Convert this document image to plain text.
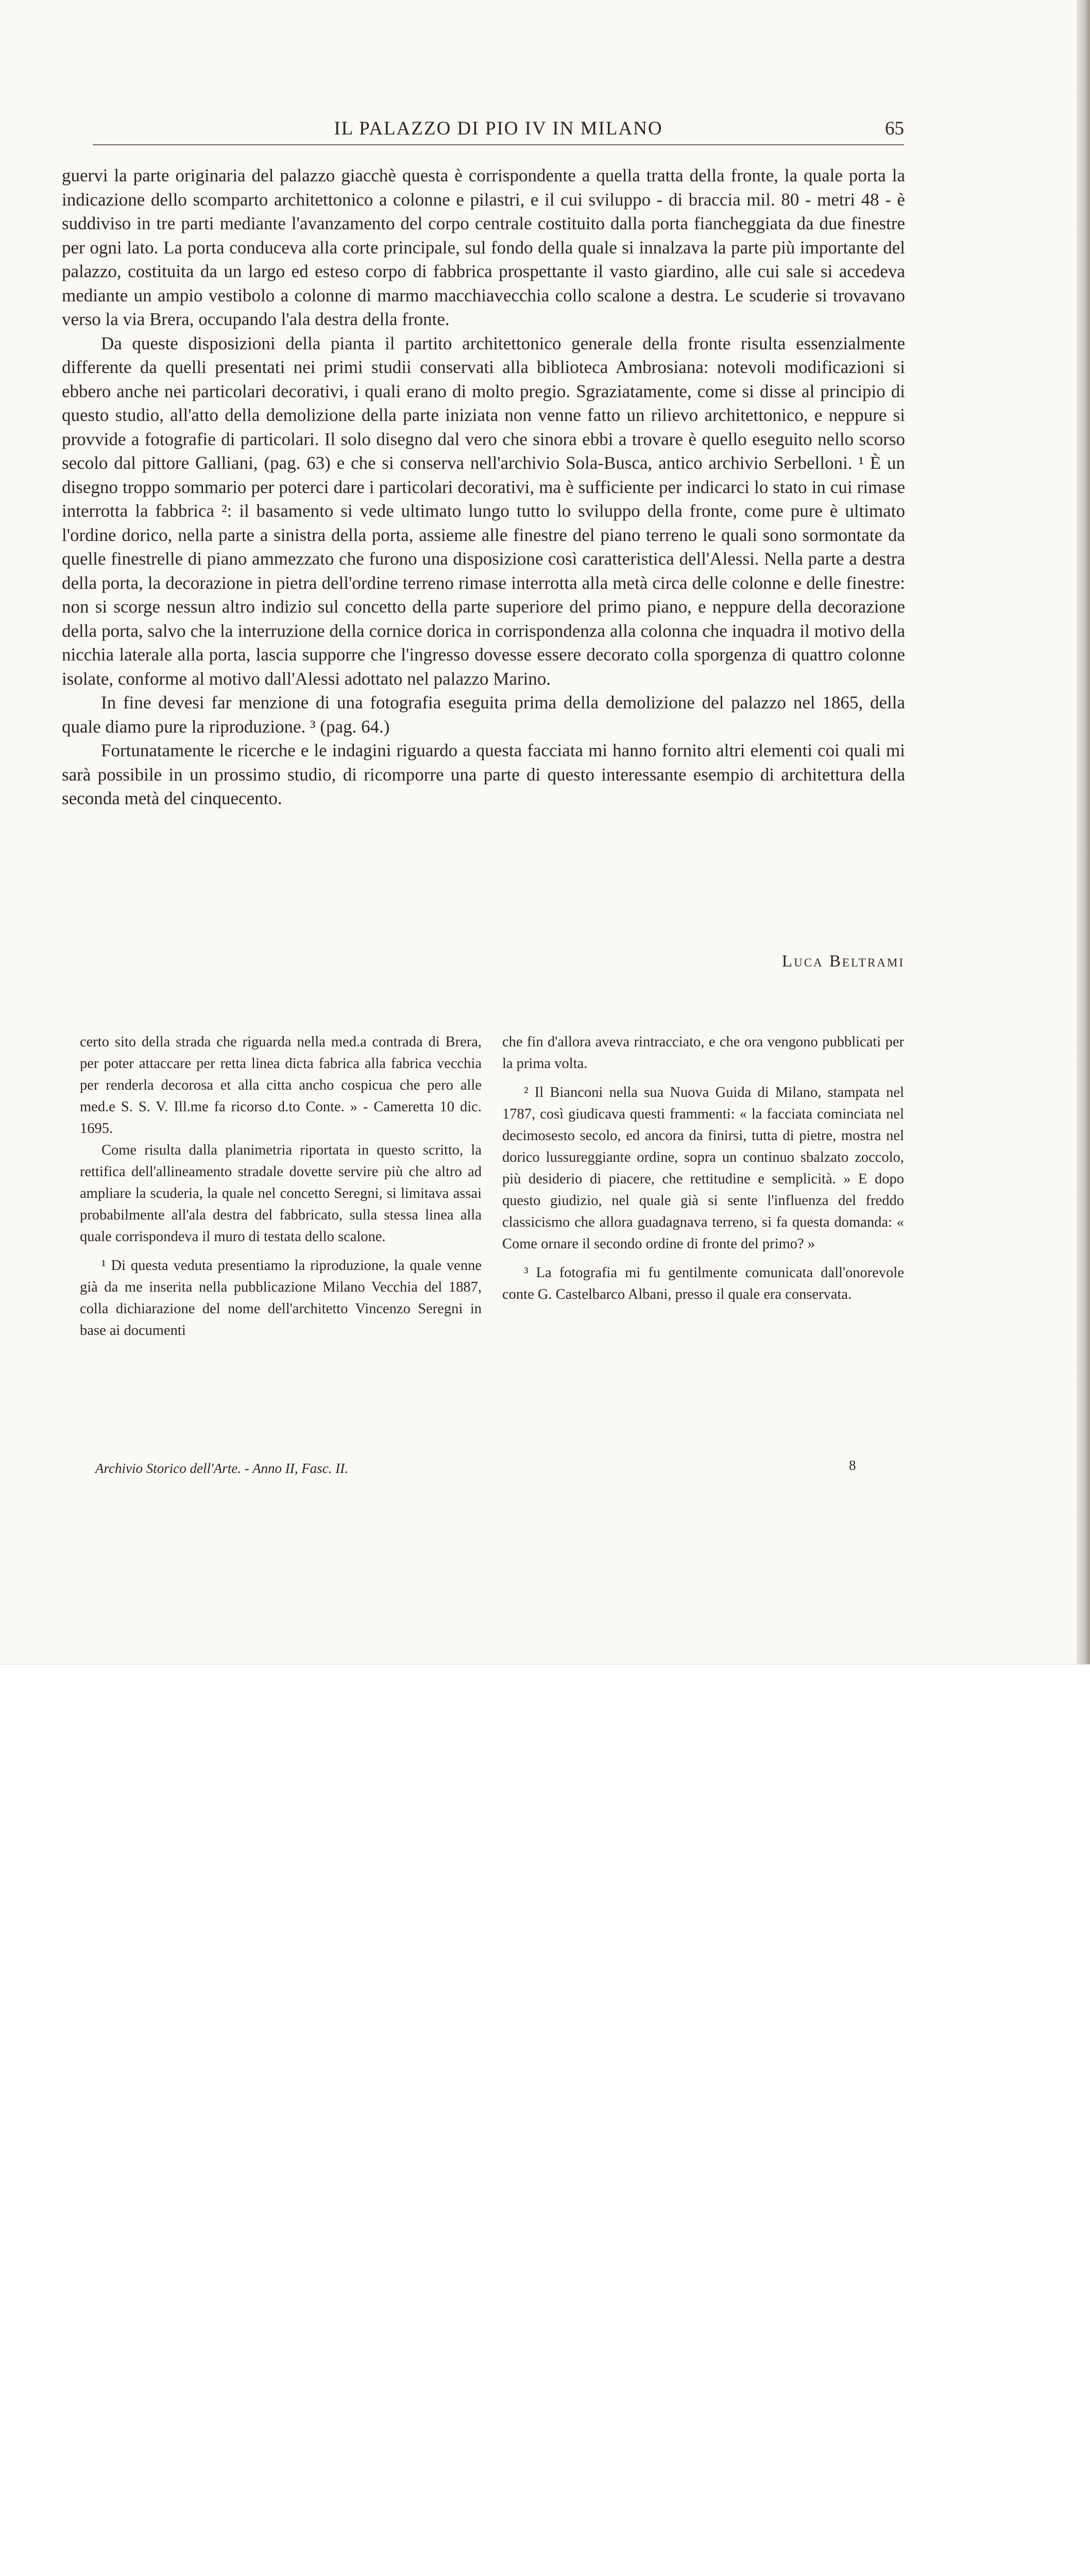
IL PALAZZO DI PIO IV IN MILANO	65

guervi la parte originaria del palazzo giacchè questa è corrispondente a quella tratta della fronte, la quale porta la indicazione dello scomparto architettonico a colonne e pilastri, e il cui sviluppo - di braccia mil. 80 - metri 48 - è suddiviso in tre parti mediante l'avanzamento del corpo centrale costituito dalla porta fiancheggiata da due finestre per ogni lato. La porta conduceva alla corte principale, sul fondo della quale si innalzava la parte più importante del palazzo, costituita da un largo ed esteso corpo di fabbrica prospettante il vasto giardino, alle cui sale si accedeva mediante un ampio vestibolo a colonne di marmo macchiavecchia collo scalone a destra. Le scuderie si trovavano verso la via Brera, occupando l'ala destra della fronte.

Da queste disposizioni della pianta il partito architettonico generale della fronte risulta essenzialmente differente da quelli presentati nei primi studii conservati alla biblioteca Ambrosiana: notevoli modificazioni si ebbero anche nei particolari decorativi, i quali erano di molto pregio. Sgraziatamente, come si disse al principio di questo studio, all'atto della demolizione della parte iniziata non venne fatto un rilievo architettonico, e neppure si provvide a fotografie di particolari. Il solo disegno dal vero che sinora ebbi a trovare è quello eseguito nello scorso secolo dal pittore Galliani, (pag. 63) e che si conserva nell'archivio Sola-Busca, antico archivio Serbelloni. ¹ È un disegno troppo sommario per poterci dare i particolari decorativi, ma è sufficiente per indicarci lo stato in cui rimase interrotta la fabbrica ²: il basamento si vede ultimato lungo tutto lo sviluppo della fronte, come pure è ultimato l'ordine dorico, nella parte a sinistra della porta, assieme alle finestre del piano terreno le quali sono sormontate da quelle finestrelle di piano ammezzato che furono una disposizione così caratteristica dell'Alessi. Nella parte a destra della porta, la decorazione in pietra dell'ordine terreno rimase interrotta alla metà circa delle colonne e delle finestre: non si scorge nessun altro indizio sul concetto della parte superiore del primo piano, e neppure della decorazione della porta, salvo che la interruzione della cornice dorica in corrispondenza alla colonna che inquadra il motivo della nicchia laterale alla porta, lascia supporre che l'ingresso dovesse essere decorato colla sporgenza di quattro colonne isolate, conforme al motivo dall'Alessi adottato nel palazzo Marino.

In fine devesi far menzione di una fotografia eseguita prima della demolizione del palazzo nel 1865, della quale diamo pure la riproduzione. ³ (pag. 64.)

Fortunatamente le ricerche e le indagini riguardo a questa facciata mi hanno fornito altri elementi coi quali mi sarà possibile in un prossimo studio, di ricomporre una parte di questo interessante esempio di architettura della seconda metà del cinquecento.

Luca Beltrami

certo sito della strada che riguarda nella med.a contrada di Brera, per poter attaccare per retta linea dicta fabrica alla fabrica vecchia per renderla decorosa et alla citta ancho cospicua che pero alle med.e S. S. V. Ill.me fa ricorso d.to Conte. » - Cameretta 10 dic. 1695.

Come risulta dalla planimetria riportata in questo scritto, la rettifica dell'allineamento stradale dovette servire più che altro ad ampliare la scuderia, la quale nel concetto Seregni, si limitava assai probabilmente all'ala destra del fabbricato, sulla stessa linea alla quale corrispondeva il muro di testata dello scalone.

¹ Di questa veduta presentiamo la riproduzione, la quale venne già da me inserita nella pubblicazione Milano Vecchia del 1887, colla dichiarazione del nome dell'architetto Vincenzo Seregni in base ai documenti

che fin d'allora aveva rintracciato, e che ora vengono pubblicati per la prima volta.

² Il Bianconi nella sua Nuova Guida di Milano, stampata nel 1787, così giudicava questi frammenti: « la facciata cominciata nel decimosesto secolo, ed ancora da finirsi, tutta di pietre, mostra nel dorico lussureggiante ordine, sopra un continuo sbalzato zoccolo, più desiderio di piacere, che rettitudine e semplicità. » E dopo questo giudizio, nel quale già si sente l'influenza del freddo classicismo che allora guadagnava terreno, si fa questa domanda: « Come ornare il secondo ordine di fronte del primo? »

³ La fotografia mi fu gentilmente comunicata dall'onorevole conte G. Castelbarco Albani, presso il quale era conservata.

Archivio Storico dell'Arte. - Anno II, Fasc. II.	8
